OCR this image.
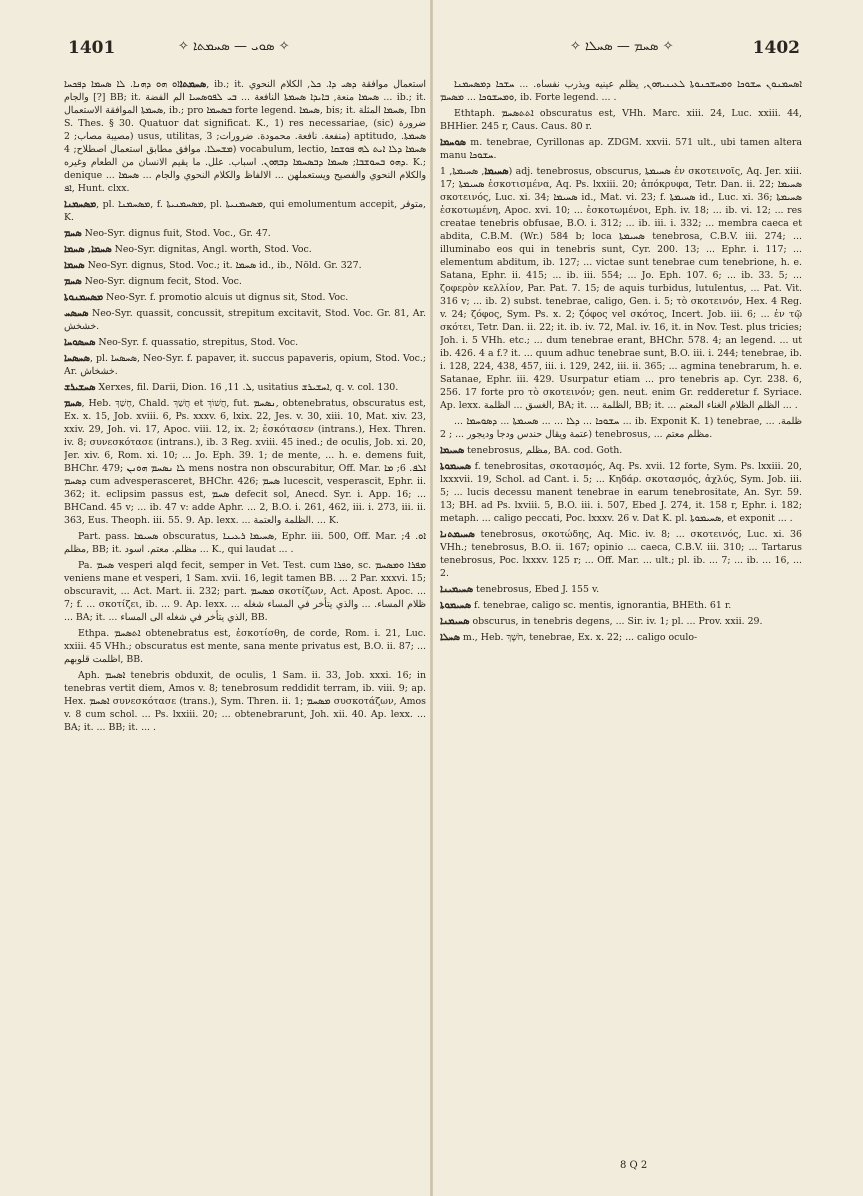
1401	✧ ܣܘܝ — ܣܚܡܬܐ ✧	✧ ܣܚܡ — ܣܚܠܐ ✧	1402

ܣܚܡܬܐܐܘ ܗܘ ܕܗܢܐ. ܠܐ ܣܚܡܐ ܕܦܟܚܐ, ib.; it. استعمال موافقة ܕܣܝ ܕܐ. ܟܠ, الكلام النحوي والجام [?] BB; it. ܣܚܡܐ منعة, ܒܐܝܕܐ ܣܚܡܬܐ النافعة ... ܒܝ ܠܦܘܣܚܝܐ الم الفضة ... ib.; it. ܣܚܡܬܐ الموافقة الاستعمال, ib.; pro ܒܣܚܡܐ forte legend. ܣܚܡܐ, bis; it. ܣܚܡܐ المثلة, Ibn S. Thes. § 30. Quatuor dat significat. K., 1) res necessariae, (sic) ضرورة مصيبة مصاب; 2) usus, utilitas, منفعة. نافعة. محمودة. ضرورات; 3) aptitudo, ܣܚܡܬܐ. ܡܫܚܠܐ. موافق مطابق استعمال اصطلاح; 4) vocabulum, lectio, ܣܚܡܐ ܕܠܐ ܐܝܬ ܠܗ ܦܘܫܩܐ ܕܗܘ ܒܚܘܫܒܐ; ܣܚܡܐ ܕܒܣܚܡܐ ܕܒܗܘܢ. اسباب. علل. ما يقيم الانسان من الطعام وغيره. K.; denique ... والكلام النحوي والفصيح ويستعملهن ... الالفاظ والكلام النحوي والجام ... ܣܚܡܐ ܐܦ, Hunt. clxx.

ܡܣܚܡܢܐ, pl. ܡܣܚܡܢܐ, f. ܡܣܚܡܢܝܬܐ, pl. ܡܣܚܡܢܝܬܐ, qui emolumentum accepit, متوفر, K.

ܣܚܡ Neo-Syr. dignus fuit, Stod. Voc., Gr. 47.

ܣܚܡܐ, ܣܚܡܐ Neo-Syr. dignitas, Angl. worth, Stod. Voc.

ܣܚܡܐ Neo-Syr. dignus, Stod. Voc.; it. ܣܚܡܐ id., ib., Nöld. Gr. 327.

ܣܚܡ Neo-Syr. dignum fecit, Stod. Voc.

ܡܣܚܡܢܘܬܐ Neo-Syr. f. promotio alcuis ut dignus sit, Stod. Voc.

ܣܚܣܚ Neo-Syr. quassit, concussit, strepitum excitavit, Stod. Voc. Gr. 81, Ar. خشخش.

ܣܚܣܘܚܐ Neo-Syr. f. quassatio, strepitus, Stod. Voc.

ܣܚܣܚܐ, pl. ܣܚܣܚܐ, Neo-Syr. f. papaver, it. succus papaveris, opium, Stod. Voc.; Ar. خشخاش.

ܣܚܫܝܪܫ Xerxes, fil. Darii, Dion. ܠ. 11, 16, usitatius ܐܚܫܝܪܫ, q. v. col. 130.

ܣܚܡ, Heb. חָשַׁךְ, Chald. חֲשַׁךְ et חֲשׁוֹךְ, fut. ܢܣܚܡ, obtenebratus, obscuratus est, Ex. x. 15, Job. xviii. 6, Ps. xxxv. 6, lxix. 22, Jes. v. 30, xiii. 10, Mat. xiv. 23, xxiv. 29, Joh. vi. 17, Apoc. viii. 12, ix. 2; ἐσκότασεν (intrans.), Hex. Thren. iv. 8; συνεσκότασε (intrans.), ib. 3 Reg. xviii. 45 ined.; de oculis, Job. xi. 20, Jer. xiv. 6, Rom. xi. 10; ... Jo. Eph. 39. 1; de mente, ... h. e. demens fuit, BHChr. 479; ܠܐ ܢܣܚܡ ܗܘܢܢ mens nostra non obscurabitur, Off. Mar. ܐܠܦ. 6; ܡܐ ܕܣܚܡ cum advesperasceret, BHChr. 426; ܣܚܡ lucescit, vesperascit, Ephr. ii. 362; it. eclipsim passus est, ܣܚܡ defecit sol, Anecd. Syr. i. App. 16; ... BHCand. 45 v; ... ib. 47 v: adde Aphr. ... 2, B.O. i. 261, 462, iii. i. 273, iii. ii. 363, Eus. Theoph. iii. 55. 9. Ap. lexx. ... الظلمة والعتمة. ... K.

Part. pass. ܣܚܝܡܐ obscuratus, ܣܚܝܡܐ ܪܥܝܢܐ, Ephr. iii. 500, Off. Mar. ܐܘ. 4; مظلم, BB; it. مظلم. معتم. اسود ... K., qui laudat ... .

Pa. ܣܚܡ vesperi alqd fecit, semper in Vet. Test. cum ܘܦܪܐ, sc. ܡܦܪܐ ܘܡܣܚܡ veniens mane et vesperi, 1 Sam. xvii. 16, legit tamen BB. ... 2 Par. xxxvi. 15; obscuravit, ... Act. Mart. ii. 232; part. ܡܣܚܡ σκοτίζων, Act. Apost. Apoc. ... 7; f. ... σκοτίζει, ib. ... 9. Ap. lexx. ... ظلام المساء. ... والذي يتأخر في المساء شغله ... BA; it. ... الذي يتأخر في شغله الى المساء, BB.

Ethpa. ܐܬܣܚܡ obtenebratus est, ἐσκοτίσθη, de corde, Rom. i. 21, Luc. xxiii. 45 VHh.; obscuratus est mente, sana mente privatus est, B.O. ii. 87; ... اظلمت قلوبهم, BB.

Aph. ܐܣܚܡ tenebris obduxit, de oculis, 1 Sam. ii. 33, Job. xxxi. 16; in tenebras vertit diem, Amos v. 8; tenebrosum reddidit terram, ib. viii. 9; ap. Hex. ܐܣܚܡ συνεσκότασε (trans.), Sym. Thren. ii. 1; ܡܣܚܡ συσκοτάζων, Amos v. 8 cum schol. ... Ps. lxxiii. 20; ... obtenebrarunt, Joh. xii. 40. Ap. lexx. ... BA; it. ... BB; it. ... .

ܐܣܚܡܢܘܢ ܚܫܘܟܐ ܘܡܚܫܟܢܘܬܐ ܠܥܝܢܝܗܘܢ, يظلم عينيه ويذرب نفساه. ... ܚܫܟܐ ܕܡܣܚܡܢܐ ܘܡܚܫܘܟܐ ... ܡܣܚܡ, ib. Forte legend. ... .

Ethtaph. ܐܬܬܣܚܡ obscuratus est, VHh. Marc. xiii. 24, Luc. xxiii. 44, BHHier. 245 r, Caus. Caus. 80 r.

ܣܘܚܡܐ m. tenebrae, Cyrillonas ap. ZDGM. xxvii. 571 ult., ubi tamen altera manu ܚܫܘܟܐ.

ܣܚܝܡܐ, ܣܚܝܡܬܐ, 1) adj. tenebrosus, obscurus, ܣܚܝܡܬܐ ἐν σκοτεινοῖς, Aq. Jer. xiii. 17; ܣܚܝܡܬܐ ἐσκοτισμένα, Aq. Ps. lxxiii. 20; ἀπόκρυφα, Tetr. Dan. ii. 22; ܣܚܝܡܐ σκοτεινός, Luc. xi. 34; ܣܚܝܡܐ id., Mat. vi. 23; f. ܣܚܝܡܬܐ id., Luc. xi. 36; ܣܚܝܡܬܐ ἐσκοτωμένη, Apoc. xvi. 10; ... ἐσκοτωμένοι, Eph. iv. 18; ... ib. vi. 12; ... res creatae tenebris obfusae, B.O. i. 312; ... ib. iii. i. 332; ... membra caeca et abdita, C.B.M. (Wr.) 584 b; loca ܣܚܝܡܬܐ tenebrosa, C.B.V. iii. 274; ... illuminabo eos qui in tenebris sunt, Cyr. 200. 13; ... Ephr. i. 117; ... elementum abditum, ib. 127; ... victae sunt tenebrae cum tenebrione, h. e. Satana, Ephr. ii. 415; ... ib. iii. 554; ... Jo. Eph. 107. 6; ... ib. 33. 5; ... ζοφερὸν κελλίον, Par. Pat. 7. 15; de aquis turbidus, lutulentus, ... Pat. Vit. 316 v; ... ib. 2) subst. tenebrae, caligo, Gen. i. 5; τὸ σκοτεινόν, Hex. 4 Reg. v. 24; ζόφος, Sym. Ps. x. 2; ζόφος vel σκότος, Incert. Job. iii. 6; ... ἐν τῷ σκότει, Tetr. Dan. ii. 22; it. ib. iv. 72, Mal. iv. 16, it. in Nov. Test. plus tricies; Joh. i. 5 VHh. etc.; ... dum tenebrae erant, BHChr. 578. 4; an legend. ... ut ib. 426. 4 a f.? it. ... quum adhuc tenebrae sunt, B.O. iii. i. 244; tenebrae, ib. i. 128, 224, 438, 457, iii. i. 129, 242, iii. ii. 365; ... agmina tenebrarum, h. e. Satanae, Ephr. iii. 429. Usurpatur etiam ... pro tenebris ap. Cyr. 238. 6, 256. 17 forte pro τὸ σκοτεινόν; gen. neut. enim Gr. redderetur f. Syriace. Ap. lexx. الغسق ... الظلمة, BA; it. ... الظلمة, BB; it. ... الظلم الظلام الغناء المعتم ... .

... ܚܫܘܟܐ ... ܕܠܐ ... ... ܣܚܝܡܬܐ ... ܕܣܘܚܡܐ ... ib. Exponit K. 1) tenebrae, ... ظلمة. عتمة ويقال حندس ودجا وديجور ... ; 2) tenebrosus, ... مظلم معتم.

ܣܚܝܡܐ tenebrosus, مظلم, BA. cod. Goth.

ܣܚܝܡܘܬܐ f. tenebrositas, σκοτασμός, Aq. Ps. xvii. 12 forte, Sym. Ps. lxxiii. 20, lxxxvii. 19, Schol. ad Cant. i. 5; ... Κηδάρ. σκοτασμός, ἀχλύς, Sym. Job. iii. 5; ... lucis decessu manent tenebrae in earum tenebrositate, An. Syr. 59. 13; BH. ad Ps. lxviii. 5, B.O. iii. i. 507, Ebed J. 274, it. 158 r, Ephr. i. 182; metaph. ... caligo peccati, Poc. lxxxv. 26 v. Dat K. pl. ܣܚܝܡܘܬܐ, et exponit ... .

ܣܚܝܡܬܢܐ tenebrosus, σκοτώδης, Aq. Mic. iv. 8; ... σκοτεινός, Luc. xi. 36 VHh.; tenebrosus, B.O. ii. 167; opinio ... caeca, C.B.V. iii. 310; ... Tartarus tenebrosus, Poc. lxxxv. 125 r; ... Off. Mar. ... ult.; pl. ib. ... 7; ... ib. ... 16, ... 2.

ܣܚܝܡܝܢܐ tenebrosus, Ebed J. 155 v.

ܣܚܝܡܘܬܐ f. tenebrae, caligo sc. mentis, ignorantia, BHEth. 61 r.

ܣܚܝܡܢܐ obscurus, in tenebris degens, ... Sir. iv. 1; pl. ... Prov. xxii. 29.

ܣܚܠܐ m., Heb. חֹשֶׁךְ, tenebrae, Ex. x. 22; ... caligo oculo-

8 Q 2
